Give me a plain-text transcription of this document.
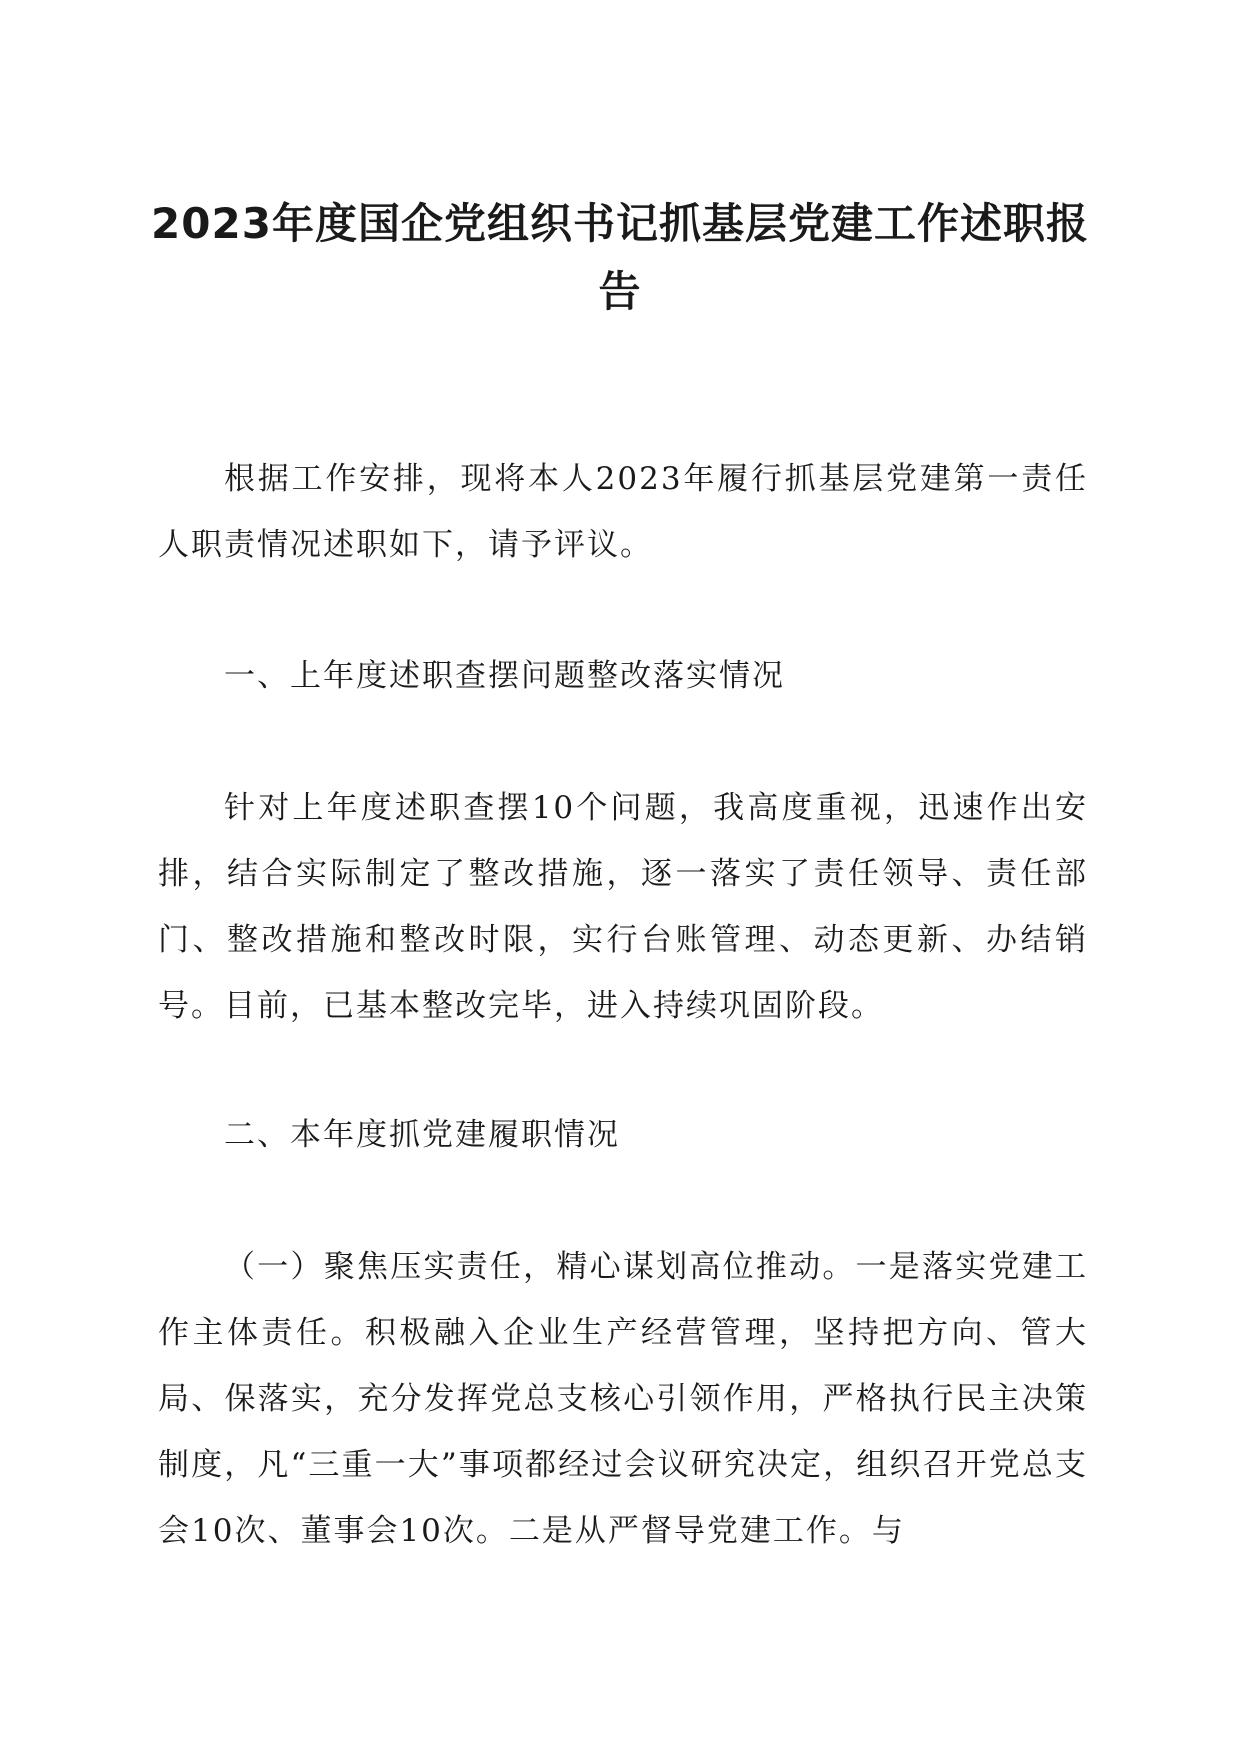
2023年度国企党组织书记抓基层党建工作述职报告

根据工作安排，现将本人2023年履行抓基层党建第一责任人职责情况述职如下，请予评议。

一、上年度述职查摆问题整改落实情况

针对上年度述职查摆10个问题，我高度重视，迅速作出安排，结合实际制定了整改措施，逐一落实了责任领导、责任部门、整改措施和整改时限，实行台账管理、动态更新、办结销号。目前，已基本整改完毕，进入持续巩固阶段。

二、本年度抓党建履职情况

（一）聚焦压实责任，精心谋划高位推动。一是落实党建工作主体责任。积极融入企业生产经营管理，坚持把方向、管大局、保落实，充分发挥党总支核心引领作用，严格执行民主决策制度，凡“三重一大”事项都经过会议研究决定，组织召开党总支会10次、董事会10次。二是从严督导党建工作。与
